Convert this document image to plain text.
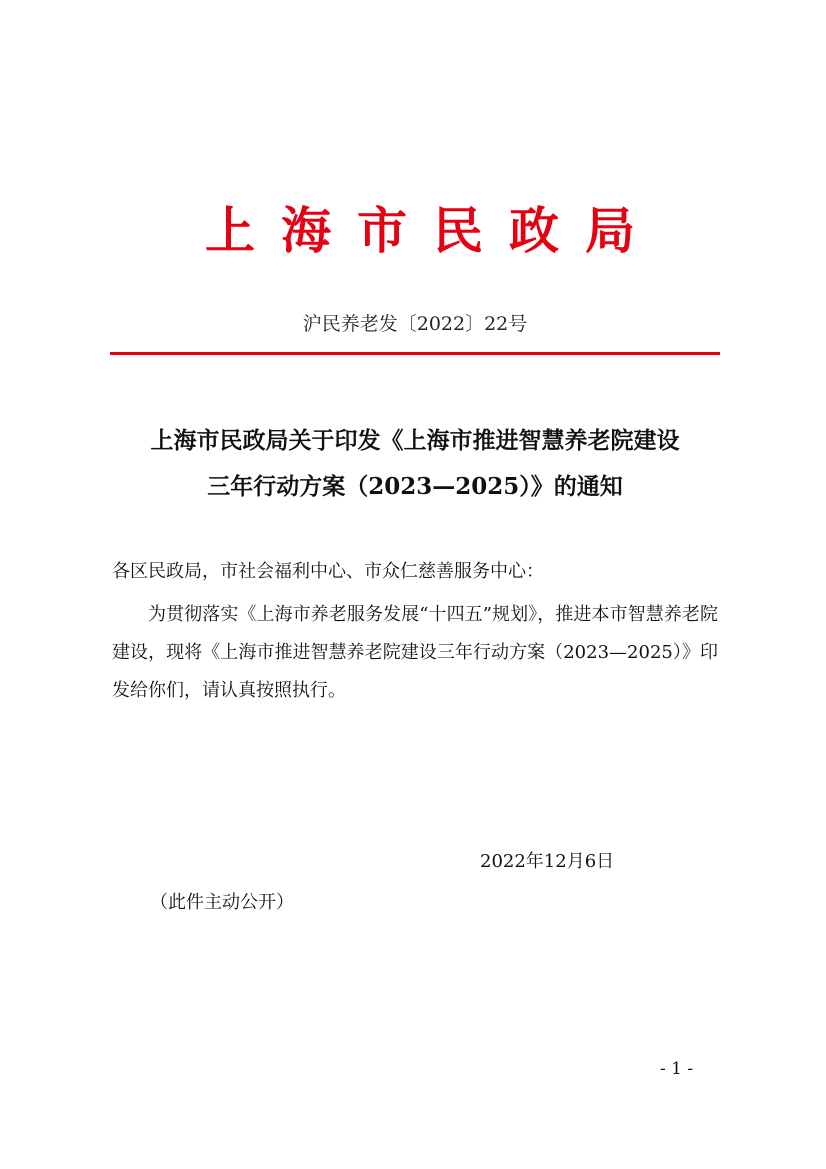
上海市民政局
沪民养老发〔2022〕22号
上海市民政局关于印发《上海市推进智慧养老院建设
三年行动方案（2023—2025）》的通知
各区民政局，市社会福利中心、市众仁慈善服务中心：
为贯彻落实《上海市养老服务发展“十四五”规划》，推进本市智慧养老院建设，现将《上海市推进智慧养老院建设三年行动方案（2023—2025）》印发给你们，请认真按照执行。
2022年12月6日
（此件主动公开）
- 1 -
